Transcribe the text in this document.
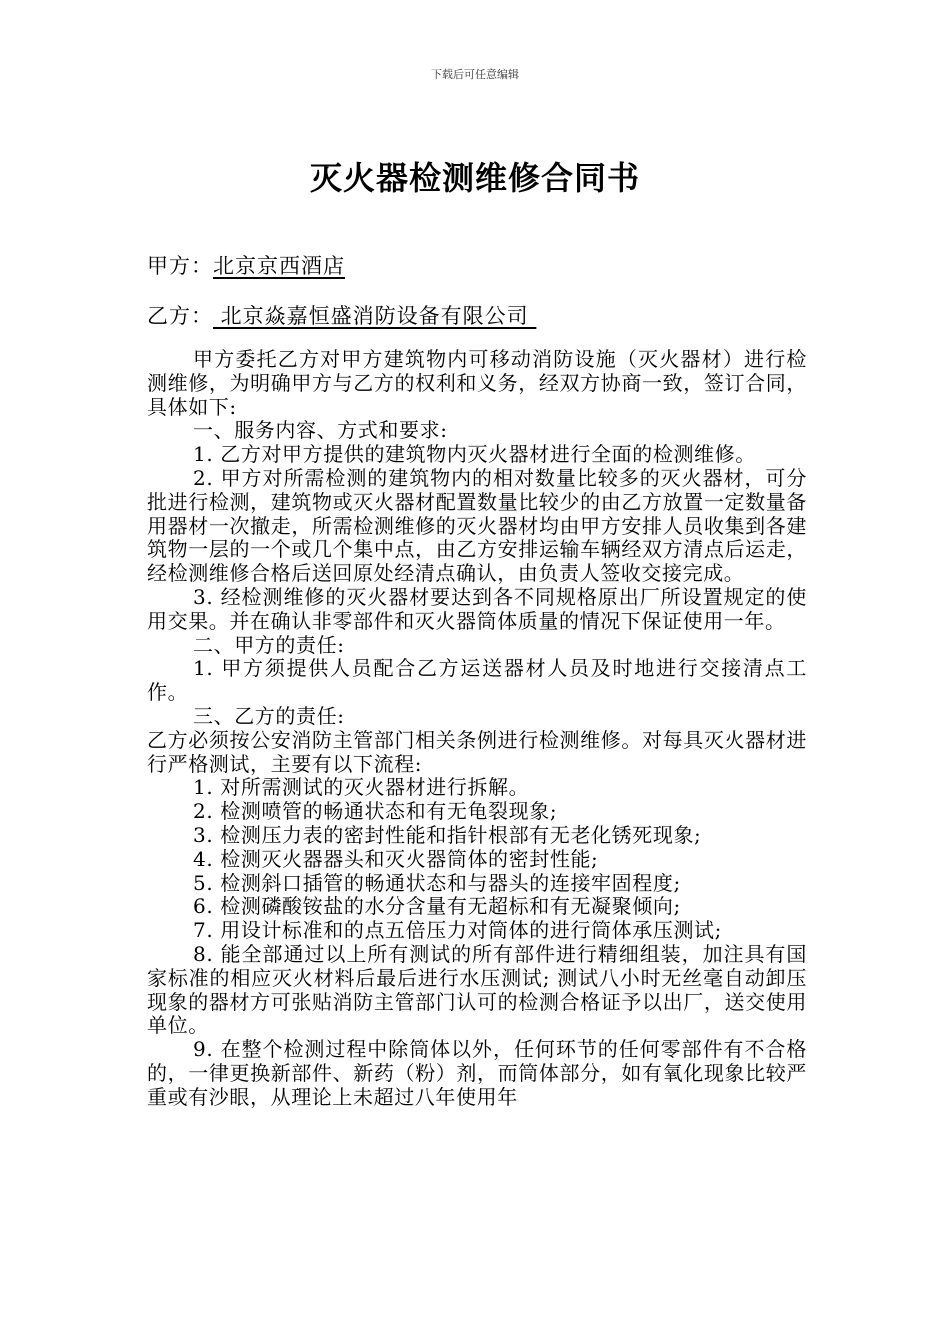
下载后可任意编辑
灭火器检测维修合同书
甲方：北京京西酒店
乙方： 北京焱嘉恒盛消防设备有限公司

甲方委托乙方对甲方建筑物内可移动消防设施（灭火器材）进行检测维修，为明确甲方与乙方的权利和义务，经双方协商一致，签订合同，具体如下:

一、服务内容、方式和要求:

1. 乙方对甲方提供的建筑物内灭火器材进行全面的检测维修。

2. 甲方对所需检测的建筑物内的相对数量比较多的灭火器材，可分批进行检测，建筑物或灭火器材配置数量比较少的由乙方放置一定数量备用器材一次撤走，所需检测维修的灭火器材均由甲方安排人员收集到各建筑物一层的一个或几个集中点，由乙方安排运输车辆经双方清点后运走，经检测维修合格后送回原处经清点确认，由负责人签收交接完成。

3. 经检测维修的灭火器材要达到各不同规格原出厂所设置规定的使用交果。并在确认非零部件和灭火器筒体质量的情况下保证使用一年。

二、甲方的责任:

1. 甲方须提供人员配合乙方运送器材人员及时地进行交接清点工作。

三、乙方的责任:

乙方必须按公安消防主管部门相关条例进行检测维修。对每具灭火器材进行严格测试，主要有以下流程:

1. 对所需测试的灭火器材进行拆解。

2. 检测喷管的畅通状态和有无龟裂现象;

3. 检测压力表的密封性能和指针根部有无老化锈死现象;

4. 检测灭火器器头和灭火器筒体的密封性能;

5. 检测斜口插管的畅通状态和与器头的连接牢固程度;

6. 检测磷酸铵盐的水分含量有无超标和有无凝聚倾向;

7. 用设计标准和的点五倍压力对筒体的进行筒体承压测试;

8. 能全部通过以上所有测试的所有部件进行精细组装，加注具有国家标准的相应灭火材料后最后进行水压测试; 测试八小时无丝毫自动卸压现象的器材方可张贴消防主管部门认可的检测合格证予以出厂，送交使用单位。

9. 在整个检测过程中除筒体以外，任何环节的任何零部件有不合格的，一律更换新部件、新药（粉）剂，而筒体部分，如有氧化现象比较严重或有沙眼，从理论上未超过八年使用年
